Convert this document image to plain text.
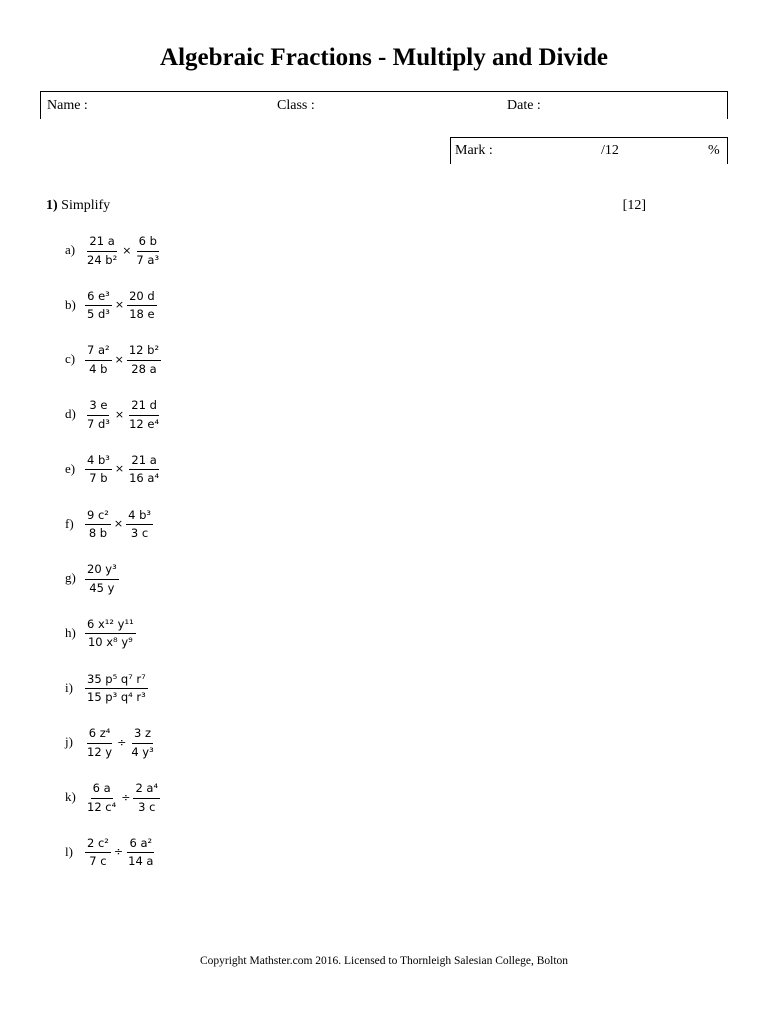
Algebraic Fractions - Multiply and Divide
Name :	Class :	Date :
Mark :	/12	%
1) Simplify	[12]
$a) \frac{21 a}{\text{24 b²}} \times \frac{6 b}{\text{7 a³}}$
$b) \frac{\text{6 e³}}{\text{5 d³}} \times \frac{20 d}{18 e}$
$c) \frac{\text{7 a²}}{4 b} \times \frac{\text{12 b²}}{28 a}$
$d) \frac{3 e}{\text{7 d³}} \times \frac{21 d}{\text{12 e⁴}}$
$e) \frac{\text{4 b³}}{7 b} \times \frac{21 a}{\text{16 a⁴}}$
$f) \frac{\text{9 c²}}{8 b} \times \frac{\text{4 b³}}{3 c}$
$g) \frac{\text{20 y³}}{45 y}$
$h) \frac{\text{6 x¹² y¹¹}}{\text{10 x⁸ y⁹}}$
i)	$\frac{\text{35 p⁵ q⁷ r⁷}}{\text{15 p³ q⁴ r³}}$
j)	$\frac{\text{6 z⁴}}{12 y} \div \frac{3 z}{\text{4 y³}}$
$k) \frac{6 a}{\text{12 c⁴}} \div \frac{\text{2 a⁴}}{3 c}$
l)	$\frac{\text{2 c²}}{7 c} \div \frac{\text{6 a²}}{14 a}$
Copyright Mathster.com 2016. Licensed to Thornleigh Salesian College, Bolton
